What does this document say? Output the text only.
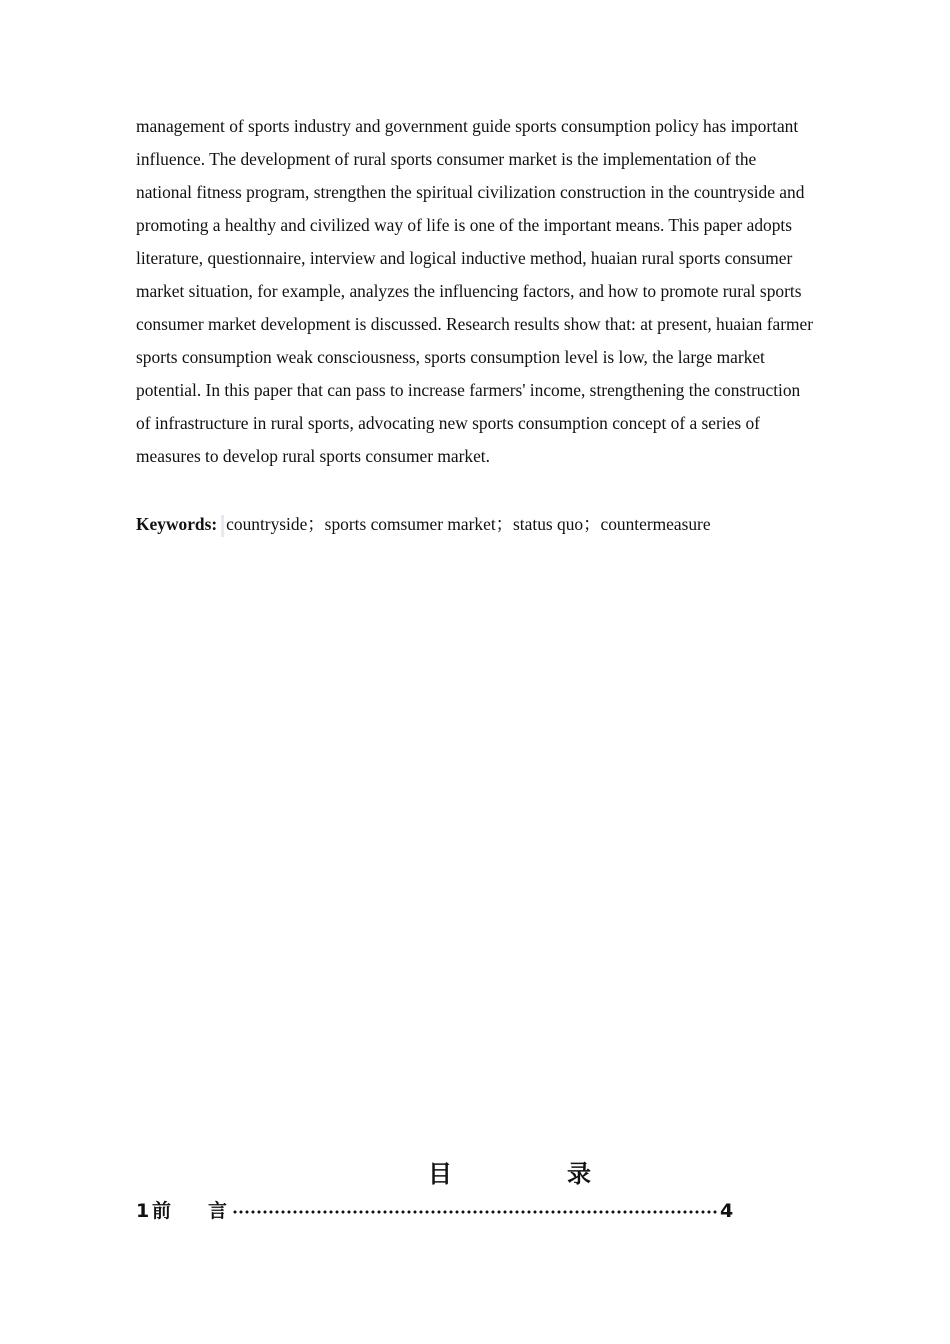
management of sports industry and government guide sports consumption policy has important
influence. The development of rural sports consumer market is the implementation of the
national fitness program, strengthen the spiritual civilization construction in the countryside and
promoting a healthy and civilized way of life is one of the important means. This paper adopts
literature, questionnaire, interview and logical inductive method, huaian rural sports consumer
market situation, for example, analyzes the influencing factors, and how to promote rural sports
consumer market development is discussed. Research results show that: at present, huaian farmer
sports consumption weak consciousness, sports consumption level is low, the large market
potential. In this paper that can pass to increase farmers' income, strengthening the construction
of infrastructure in rural sports, advocating new sports consumption concept of a series of
measures to develop rural sports consumer market.
Keywords: countryside；sports comsumer market；status quo；countermeasure
目	录
1 前 言	4
